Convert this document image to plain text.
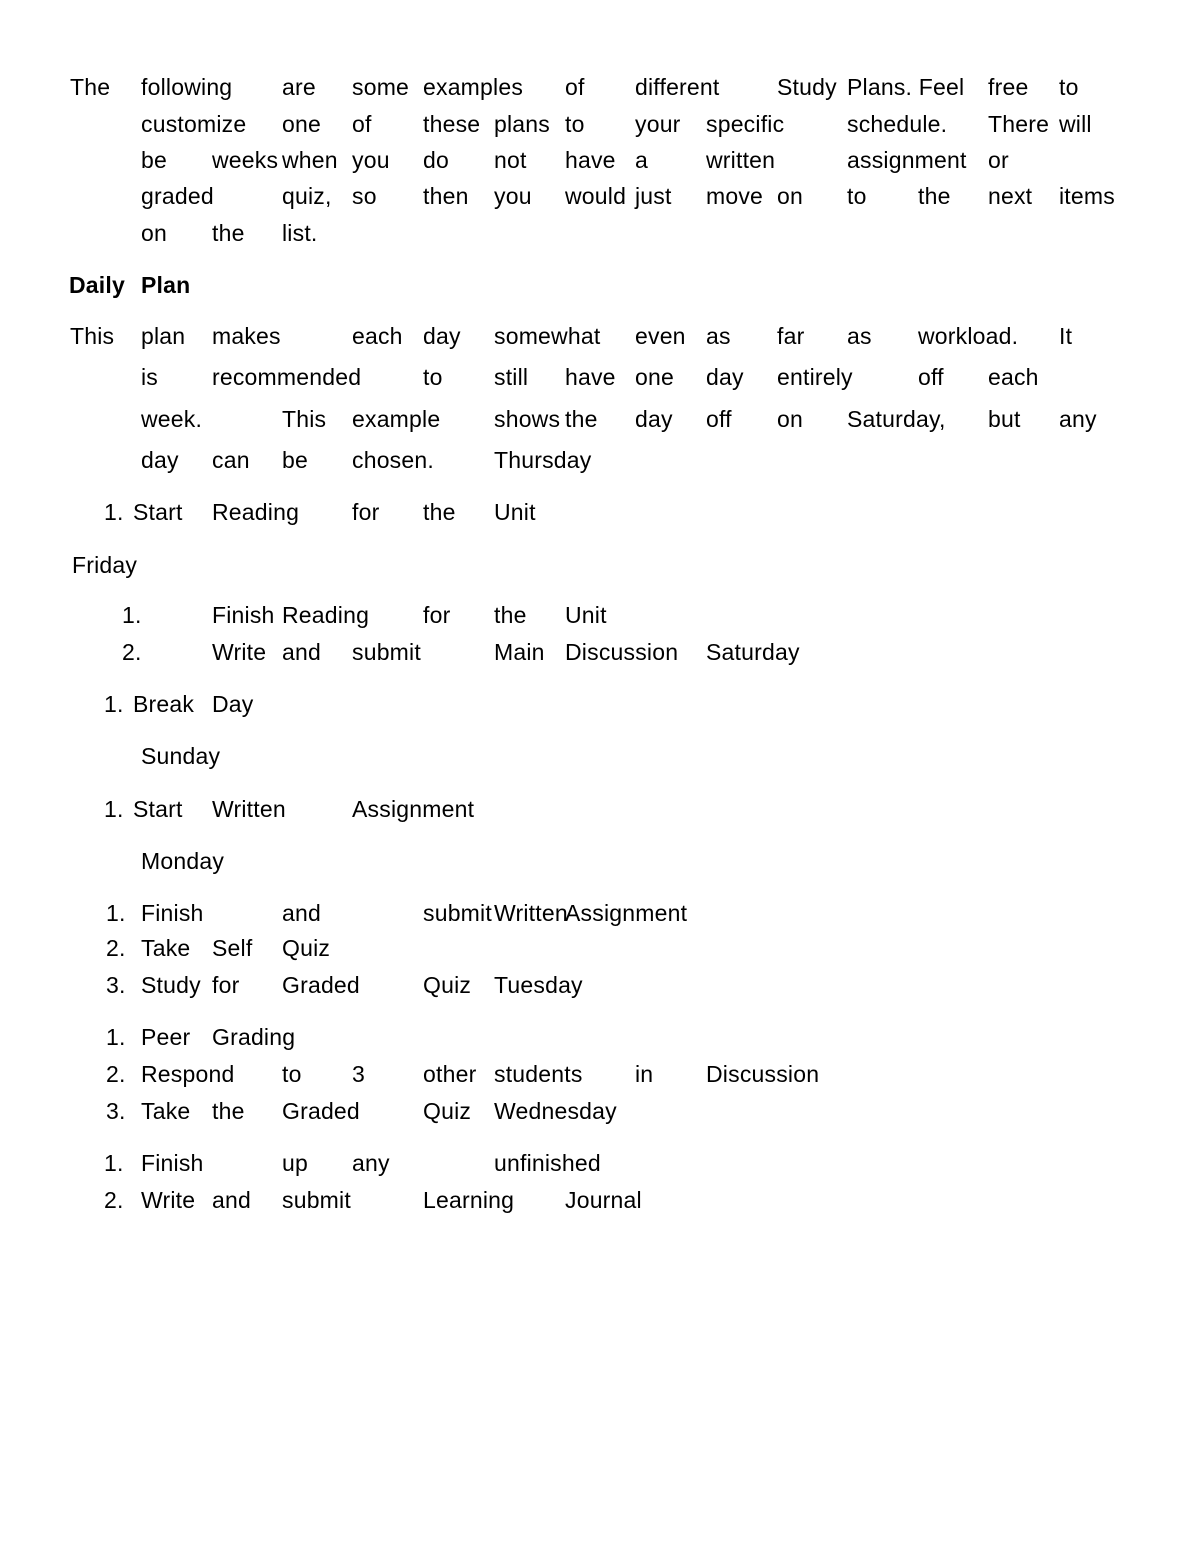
The following are some examples of different	Study Plans. Feel free to
customize one of these plans to your specific	schedule. There will
be weeks when you do not have a	written	assignment or
graded	quiz, so then you would just move on to the next items
on the list.
Daily Plan
This plan makes	each day somewhat even as far as workload. It
is recommended	to still have one day entirely	off each
week.	This example shows the day off on Saturday, but any
day can be chosen.	Thursday
1. Start Reading for the Unit
Friday
1.	Finish Reading for the Unit
2.	Write and submit	Main Discussion Saturday
1. Break Day
Sunday
1. Start Written	Assignment
Monday
1. Finish	and	submit Written
Assignment
2. Take Self Quiz
3. Study for Graded	Quiz Tuesday
1. Peer Grading
2. Respond to 3	other students in Discussion
3. Take the Graded	Quiz Wednesday
1. Finish	up any	unfinished
2. Write and submit	Learning Journal
